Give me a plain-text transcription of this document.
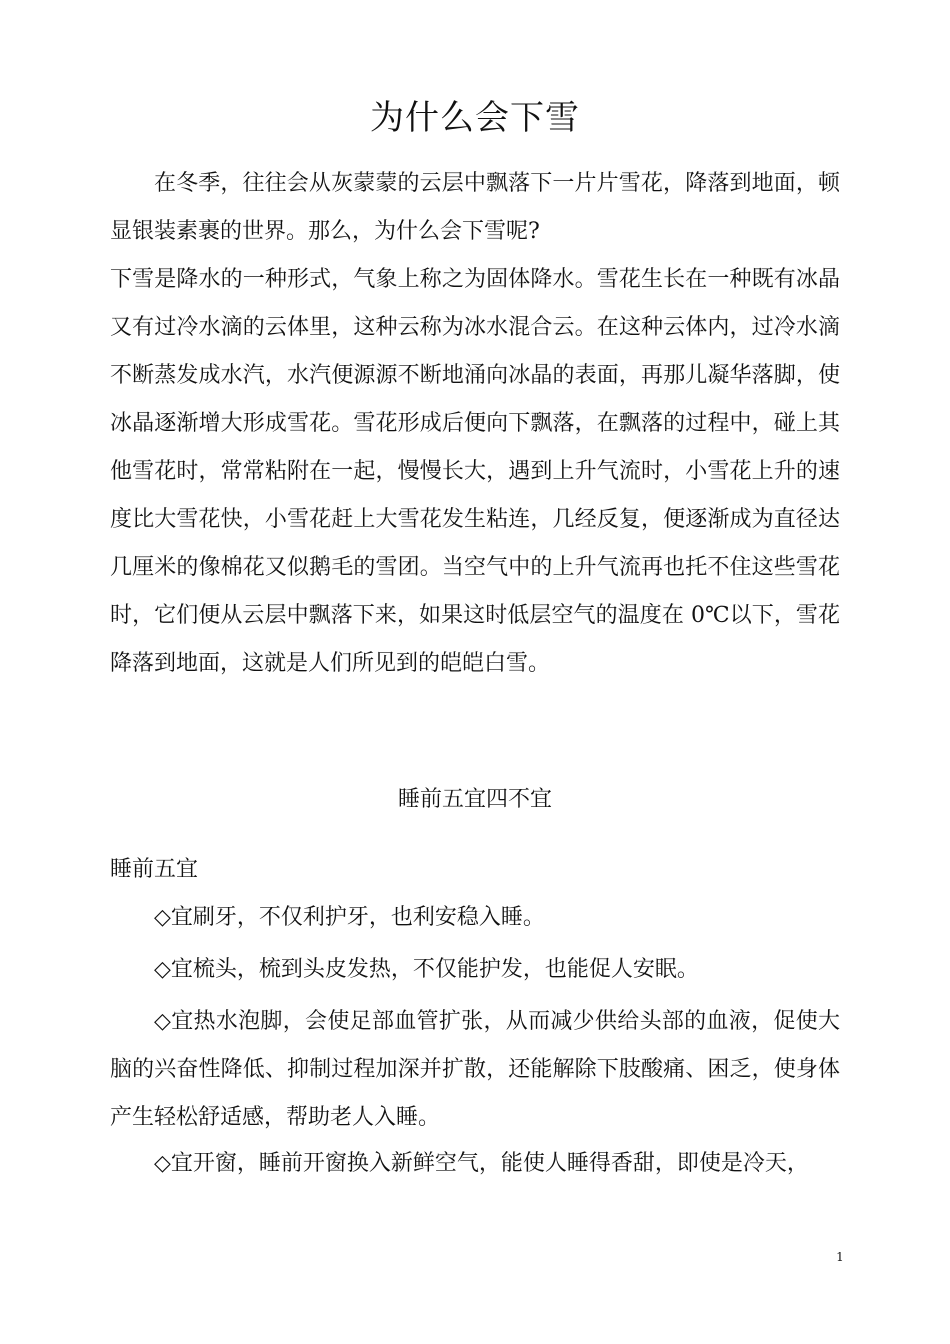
为什么会下雪

在冬季，往往会从灰蒙蒙的云层中飘落下一片片雪花，降落到地面，顿显银装素裹的世界。那么，为什么会下雪呢?

下雪是降水的一种形式，气象上称之为固体降水。雪花生长在一种既有冰晶又有过冷水滴的云体里，这种云称为冰水混合云。在这种云体内，过冷水滴不断蒸发成水汽，水汽便源源不断地涌向冰晶的表面，再那儿凝华落脚，使冰晶逐渐增大形成雪花。雪花形成后便向下飘落，在飘落的过程中，碰上其他雪花时，常常粘附在一起，慢慢长大，遇到上升气流时，小雪花上升的速度比大雪花快，小雪花赶上大雪花发生粘连，几经反复，便逐渐成为直径达几厘米的像棉花又似鹅毛的雪团。当空气中的上升气流再也托不住这些雪花时，它们便从云层中飘落下来，如果这时低层空气的温度在 0℃以下，雪花降落到地面，这就是人们所见到的皑皑白雪。

睡前五宜四不宜

睡前五宜

◇宜刷牙，不仅利护牙，也利安稳入睡。

◇宜梳头，梳到头皮发热，不仅能护发，也能促人安眠。

◇宜热水泡脚，会使足部血管扩张，从而减少供给头部的血液，促使大脑的兴奋性降低、抑制过程加深并扩散，还能解除下肢酸痛、困乏，使身体产生轻松舒适感，帮助老人入睡。

◇宜开窗，睡前开窗换入新鲜空气，能使人睡得香甜，即使是冷天，

1
